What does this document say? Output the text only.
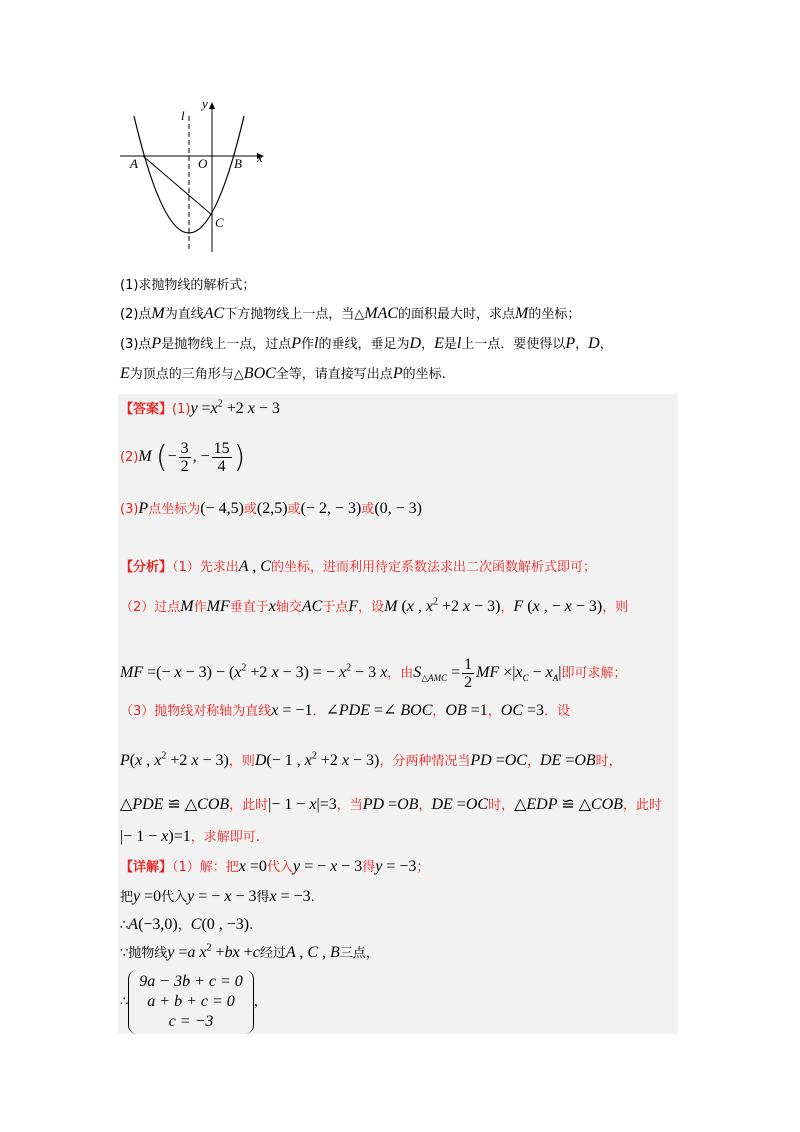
y
l
A	O B x
C
(1)求抛物线的解析式；
(2)点M为直线AC下方抛物线上一点，当△MAC的面积最大时，求点M的坐标；
(3)点P是抛物线上一点，过点P作l的垂线，垂足为D，E是l上一点．要使得以P，D，
E为顶点的三角形与△BOC全等，请直接写出点P的坐标.
【答案】$(1)y =x^2 +2$ x − 3
(2)M (− $\frac{3}{2}$ , − $\frac{15}{4}$ )
(3)P点坐标为(− 4,5)或(2,5)或(− 2, − 3)或(0, − 3)
【分析】（1）先求出A , C的坐标，进而利用待定系数法求出二次函数解析式即可；
（2）过点M作MF垂直于x轴交AC于点F，设M (x , $x^2 +2$ x − 3)，F (x , − x − 3)，则
MF =(− $x - 3) - (x^2 +2$ x − 3) = − $x^2 - 3$ x，由$S_{\triangle AMC} = \frac{1}{2}$ MF $\times|x_C - x_A|$即可求解；
（3）抛物线对称轴为直线x = −1．∠PDE =∠ BOC，OB =1，OC =3．设
P(x , $x^2 +2$ x − 3)，则D(− 1 , $x^2 +2$ x − 3)，分两种情况当PD =OC，DE =OB时，
△PDE ≌ △COB，此时|− 1 − x|=3，当PD =OB，DE =OC时，△EDP ≌ △COB，此时
|− 1 − x)=1，求解即可.
【详解】（1）解：把x =0代入y = − x − 3得y = −3；
把y =0代入y = − x − 3得x = −3.
∴A(−3,0)，C(0 , −3).
∵抛物线y =a $x^2 +bx +c$经过A , C , B三点，
∴
9a − 3b + c = 0
a + b + c = 0
c = −3
，
